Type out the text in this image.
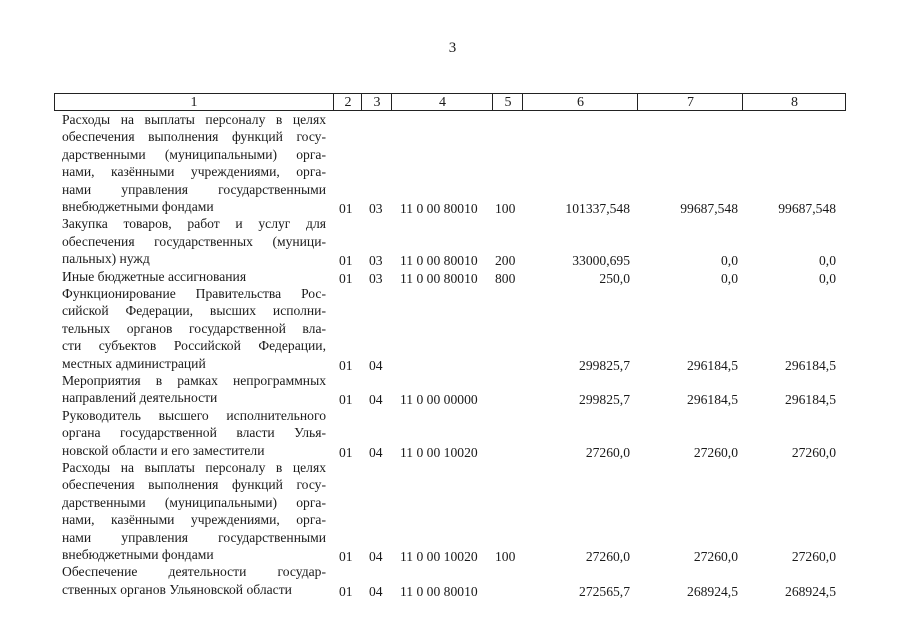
3
1	2	3	4	5	6	7	8
Расходы на выплаты персоналу в целях
обеспечения выполнения функций госу-
дарственными (муниципальными) орга-
нами, казёнными учреждениями, орга-
нами управления государственными
внебюджетными фондами	01 03 11 0 00 80010 100	101337,548	99687,548	99687,548
Закупка товаров, работ и услуг для
обеспечения государственных (муници-
пальных) нужд	01 03 11 0 00 80010 200	33000,695	0,0	0,0
Иные бюджетные ассигнования	01 03 11 0 00 80010 800	250,0	0,0	0,0
Функционирование Правительства Рос-
сийской Федерации, высших исполни-
тельных органов государственной вла-
сти субъектов Российской Федерации,
местных администраций	01 04	299825,7	296184,5	296184,5
Мероприятия в рамках непрограммных
направлений деятельности	01 04 11 0 00 00000	299825,7	296184,5	296184,5
Руководитель высшего исполнительного
органа государственной власти Улья-
новской области и его заместители	01 04 11 0 00 10020	27260,0	27260,0	27260,0
Расходы на выплаты персоналу в целях
обеспечения выполнения функций госу-
дарственными (муниципальными) орга-
нами, казёнными учреждениями, орга-
нами управления государственными
внебюджетными фондами	01 04 11 0 00 10020 100	27260,0	27260,0	27260,0
Обеспечение деятельности государ-
ственных органов Ульяновской области	01 04 11 0 00 80010	272565,7	268924,5	268924,5
